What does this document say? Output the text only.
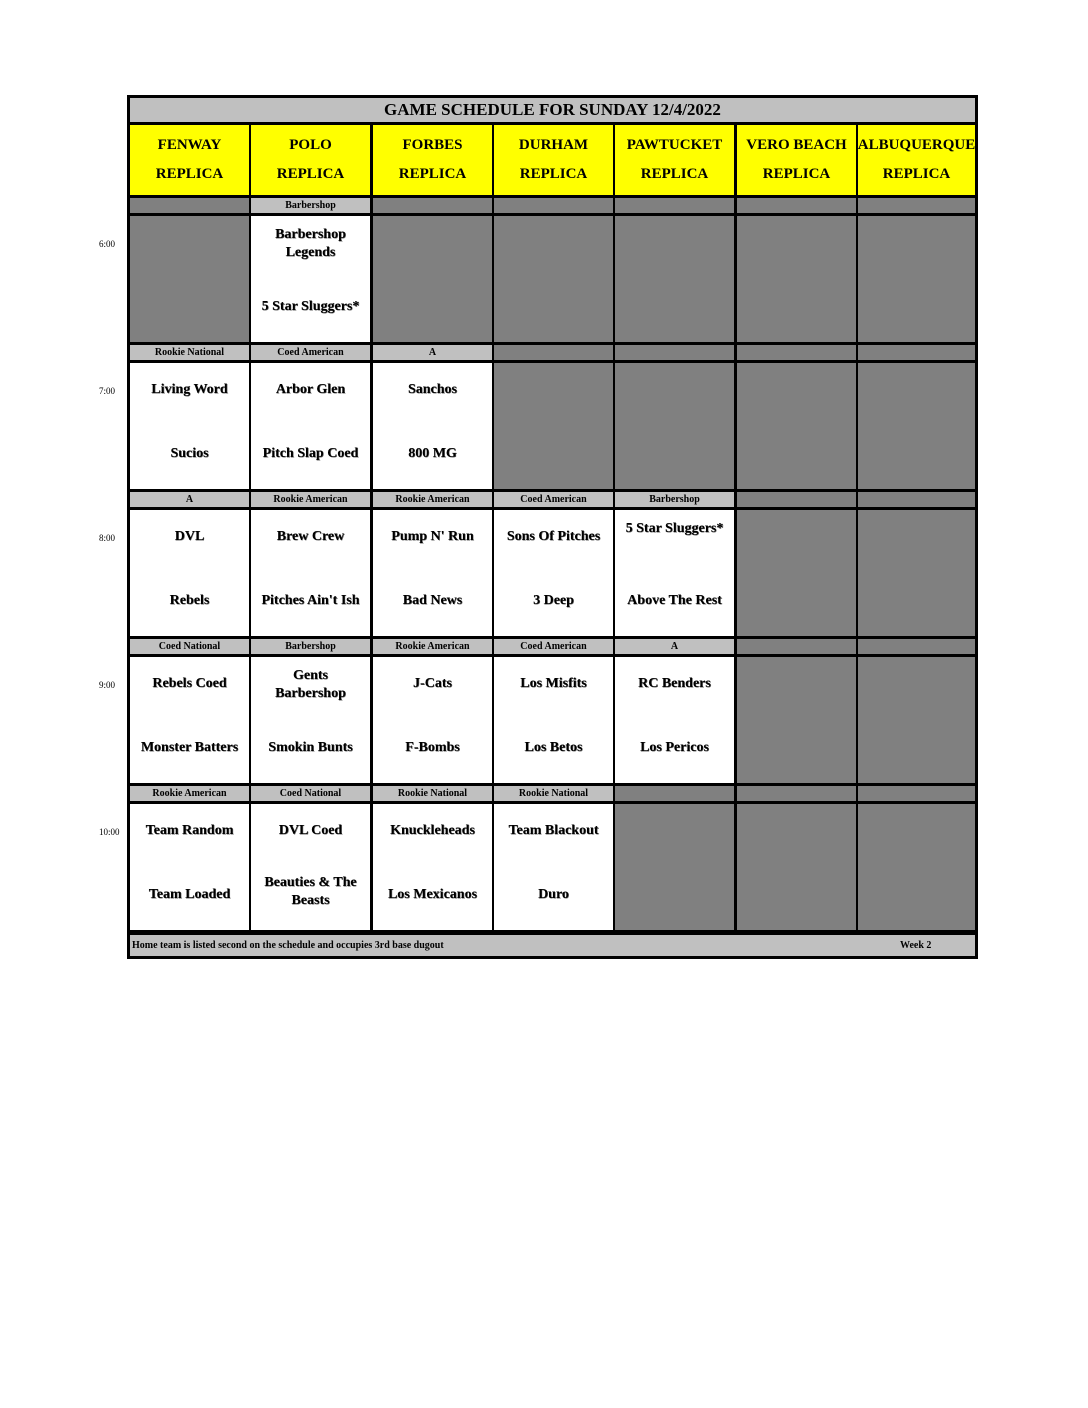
6:00
7:00
8:00
9:00
10:00
GAME SCHEDULE FOR SUNDAY 12/4/2022
FENWAY
REPLICA
POLO
REPLICA
FORBES
REPLICA
DURHAM
REPLICA
PAWTUCKET
REPLICA
VERO BEACH
REPLICA
ALBUQUERQUE
REPLICA
Barbershop
Barbershop Legends
5 Star Sluggers*
Rookie National
Living Word
Sucios
Coed American
Arbor Glen
Pitch Slap Coed
A
Sanchos
800 MG
A
DVL
Rebels
Rookie American
Brew Crew
Pitches Ain't Ish
Rookie American
Pump N' Run
Bad News
Coed American
Sons Of Pitches
3 Deep
Barbershop
5 Star Sluggers*
Above The Rest
Coed National
Rebels Coed
Monster Batters
Barbershop
Gents Barbershop
Smokin Bunts
Rookie American
J-Cats
F-Bombs
Coed American
Los Misfits
Los Betos
A
RC Benders
Los Pericos
Rookie American
Team Random
Team Loaded
Coed National
DVL Coed
Beauties & The Beasts
Rookie National
Knuckleheads
Los Mexicanos
Rookie National
Team Blackout
Duro
Home team is listed second on the schedule and occupies 3rd base dugout	Week 2
